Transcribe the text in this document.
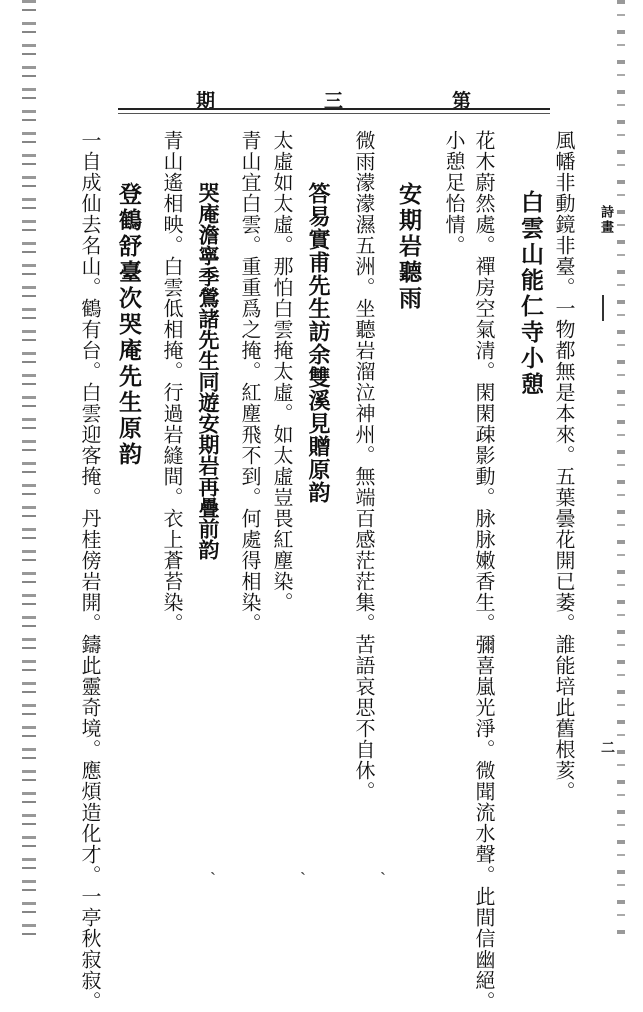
期	三	第
詩畫
二
風幡非動鏡非臺。一物都無是本來。五葉曇花開已萎。誰能培此舊根荄。
白雲山能仁寺小憩
花木蔚然處。禪房空氣清。閑閑疎影動。脉脉嫩香生。彌喜嵐光淨。微聞流水聲。此間信幽絕。
小憩足怡情。
安期岩聽雨
微雨濛濛濕五洲。坐聽岩溜泣神州。無端百感茫茫集。苦語哀思不自休。
答易實甫先生訪余雙溪見贈原韵
太虛如太虛。那怕白雲掩太虛。如太虛豈畏紅塵染。
青山宜白雲。重重爲之掩。紅塵飛不到。何處得相染。
哭庵澹寧季鶯諸先生同遊安期岩再疊前韵
青山遙相映。白雲低相掩。行過岩縫間。衣上蒼苔染。
登鶴舒臺次哭庵先生原韵
一自成仙去名山。鶴有台。白雲迎客掩。丹桂傍岩開。鑄此靈奇境。應煩造化才。一亭秋寂寂。	ˏ	ˎ	ˏ
